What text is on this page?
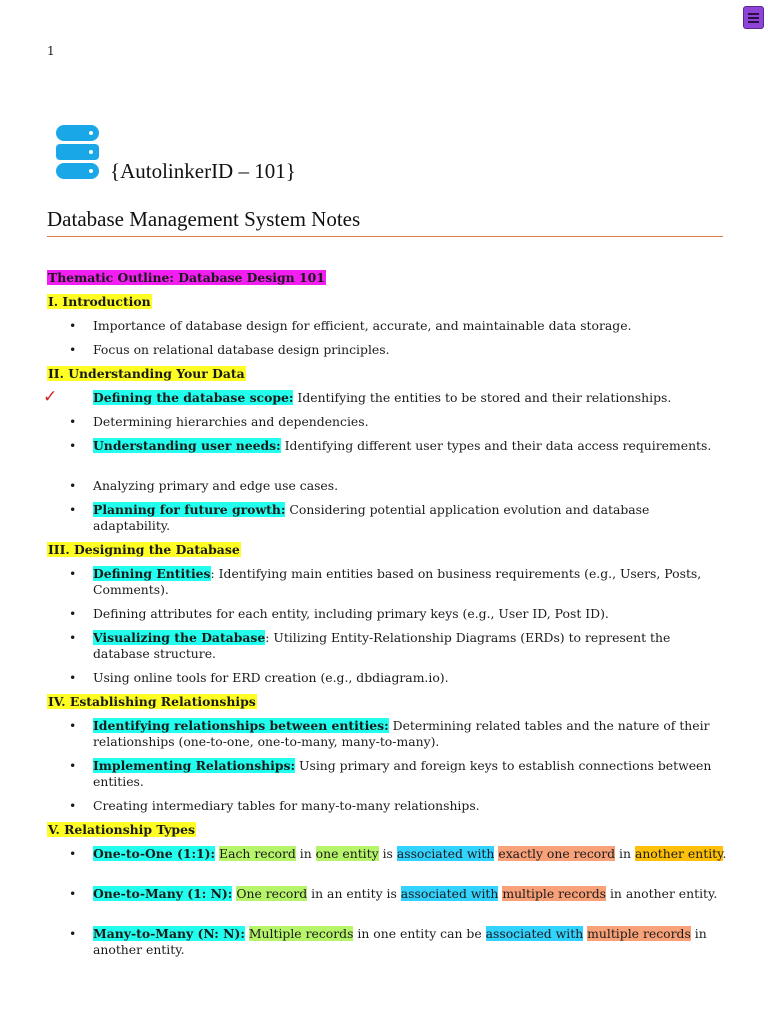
1
{AutolinkerID – 101}
Database Management System Notes
Thematic Outline: Database Design 101
I. Introduction
• Importance of database design for efficient, accurate, and maintainable data storage.
• Focus on relational database design principles.
II. Understanding Your Data
✓	Defining the database scope: Identifying the entities to be stored and their relationships.
• Determining hierarchies and dependencies.
• Understanding user needs: Identifying different user types and their data access requirements.
• Analyzing primary and edge use cases.
• Planning for future growth: Considering potential application evolution and database adaptability.
III. Designing the Database
• Defining Entities: Identifying main entities based on business requirements (e.g., Users, Posts, Comments).
• Defining attributes for each entity, including primary keys (e.g., User ID, Post ID).
• Visualizing the Database: Utilizing Entity-Relationship Diagrams (ERDs) to represent the database structure.
• Using online tools for ERD creation (e.g., dbdiagram.io).
IV. Establishing Relationships
• Identifying relationships between entities: Determining related tables and the nature of their relationships (one-to-one, one-to-many, many-to-many).
• Implementing Relationships: Using primary and foreign keys to establish connections between entities.
• Creating intermediary tables for many-to-many relationships.
V. Relationship Types
• One-to-One (1:1): Each record in one entity is associated with exactly one record in another entity.
• One-to-Many (1: N): One record in an entity is associated with multiple records in another entity.
• Many-to-Many (N: N): Multiple records in one entity can be associated with multiple records in another entity.
